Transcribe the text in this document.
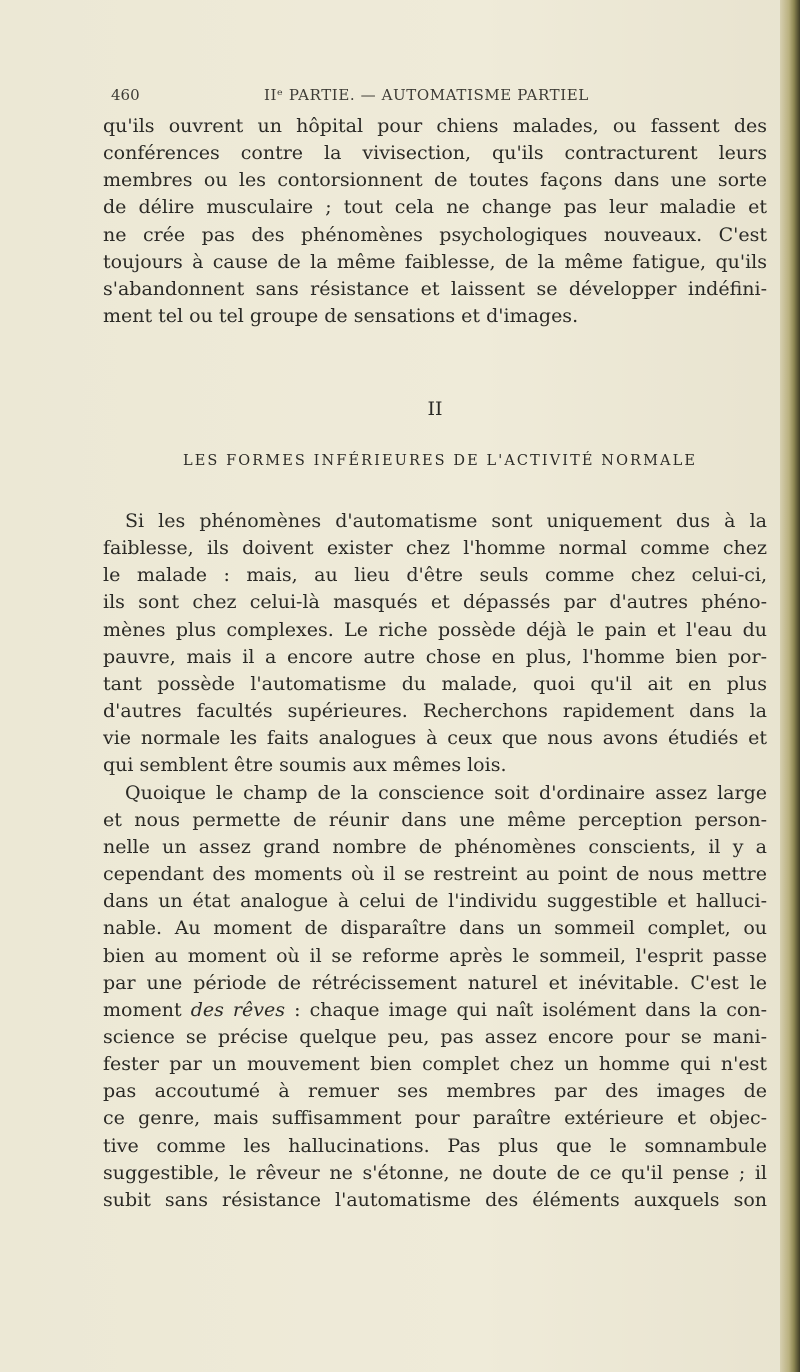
460	IIᵉ PARTIE. — AUTOMATISME PARTIEL
qu'ils ouvrent un hôpital pour chiens malades, ou fassent des
conférences contre la vivisection, qu'ils contracturent leurs
membres ou les contorsionnent de toutes façons dans une sorte
de délire musculaire ; tout cela ne change pas leur maladie et
ne crée pas des phénomènes psychologiques nouveaux. C'est
toujours à cause de la même faiblesse, de la même fatigue, qu'ils
s'abandonnent sans résistance et laissent se développer indéfini-
ment tel ou tel groupe de sensations et d'images.
II
LES FORMES INFÉRIEURES DE L'ACTIVITÉ NORMALE
Si les phénomènes d'automatisme sont uniquement dus à la
faiblesse, ils doivent exister chez l'homme normal comme chez
le malade : mais, au lieu d'être seuls comme chez celui-ci,
ils sont chez celui-là masqués et dépassés par d'autres phéno-
mènes plus complexes. Le riche possède déjà le pain et l'eau du
pauvre, mais il a encore autre chose en plus, l'homme bien por-
tant possède l'automatisme du malade, quoi qu'il ait en plus
d'autres facultés supérieures. Recherchons rapidement dans la
vie normale les faits analogues à ceux que nous avons étudiés et
qui semblent être soumis aux mêmes lois.
Quoique le champ de la conscience soit d'ordinaire assez large
et nous permette de réunir dans une même perception person-
nelle un assez grand nombre de phénomènes conscients, il y a
cependant des moments où il se restreint au point de nous mettre
dans un état analogue à celui de l'individu suggestible et halluci-
nable. Au moment de disparaître dans un sommeil complet, ou
bien au moment où il se reforme après le sommeil, l'esprit passe
par une période de rétrécissement naturel et inévitable. C'est le
moment des rêves : chaque image qui naît isolément dans la con-
science se précise quelque peu, pas assez encore pour se mani-
fester par un mouvement bien complet chez un homme qui n'est
pas accoutumé à remuer ses membres par des images de
ce genre, mais suffisamment pour paraître extérieure et objec-
tive comme les hallucinations. Pas plus que le somnambule
suggestible, le rêveur ne s'étonne, ne doute de ce qu'il pense ; il
subit sans résistance l'automatisme des éléments auxquels son
